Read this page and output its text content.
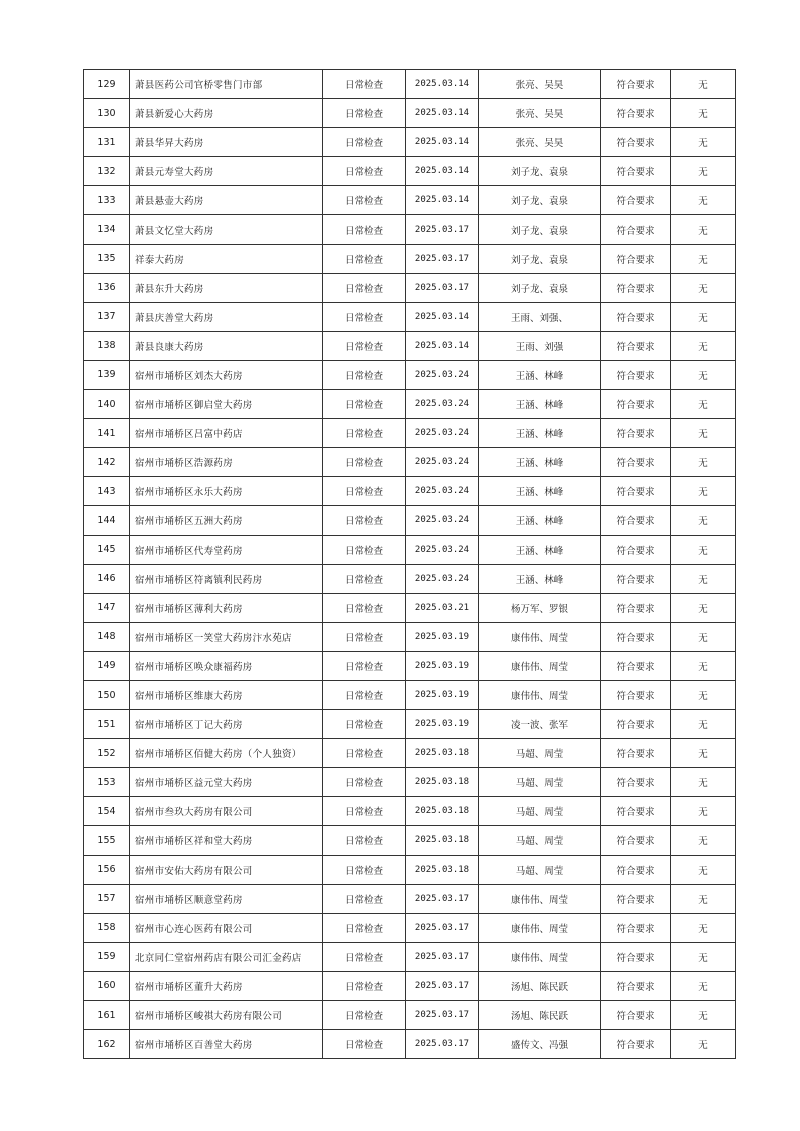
129	萧县医药公司官桥零售门市部	日常检查	2025.03.14	张亮、吴昊	符合要求	无
130	萧县新爱心大药房	日常检查	2025.03.14	张亮、吴昊	符合要求	无
131	萧县华昇大药房	日常检查	2025.03.14	张亮、吴昊	符合要求	无
132	萧县元寿堂大药房	日常检查	2025.03.14	刘子龙、袁泉	符合要求	无
133	萧县悬壶大药房	日常检查	2025.03.14	刘子龙、袁泉	符合要求	无
134	萧县文忆堂大药房	日常检查	2025.03.17	刘子龙、袁泉	符合要求	无
135	祥泰大药房	日常检查	2025.03.17	刘子龙、袁泉	符合要求	无
136	萧县东升大药房	日常检查	2025.03.17	刘子龙、袁泉	符合要求	无
137	萧县庆善堂大药房	日常检查	2025.03.14	王雨、刘强、	符合要求	无
138	萧县良康大药房	日常检查	2025.03.14	王雨、刘强	符合要求	无
139	宿州市埇桥区刘杰大药房	日常检查	2025.03.24	王涵、林峰	符合要求	无
140	宿州市埇桥区御启堂大药房	日常检查	2025.03.24	王涵、林峰	符合要求	无
141	宿州市埇桥区吕富中药店	日常检查	2025.03.24	王涵、林峰	符合要求	无
142	宿州市埇桥区浩源药房	日常检查	2025.03.24	王涵、林峰	符合要求	无
143	宿州市埇桥区永乐大药房	日常检查	2025.03.24	王涵、林峰	符合要求	无
144	宿州市埇桥区五洲大药房	日常检查	2025.03.24	王涵、林峰	符合要求	无
145	宿州市埇桥区代寿堂药房	日常检查	2025.03.24	王涵、林峰	符合要求	无
146	宿州市埇桥区符离镇利民药房	日常检查	2025.03.24	王涵、林峰	符合要求	无
147	宿州市埇桥区薄利大药房	日常检查	2025.03.21	杨万军、罗银	符合要求	无
148	宿州市埇桥区一笑堂大药房汴水苑店	日常检查	2025.03.19	康伟伟、周莹	符合要求	无
149	宿州市埇桥区唤众康福药房	日常检查	2025.03.19	康伟伟、周莹	符合要求	无
150	宿州市埇桥区维康大药房	日常检查	2025.03.19	康伟伟、周莹	符合要求	无
151	宿州市埇桥区丁记大药房	日常检查	2025.03.19	凌一波、张军	符合要求	无
152	宿州市埇桥区佰健大药房（个人独资）	日常检查	2025.03.18	马超、周莹	符合要求	无
153	宿州市埇桥区益元堂大药房	日常检查	2025.03.18	马超、周莹	符合要求	无
154	宿州市叁玖大药房有限公司	日常检查	2025.03.18	马超、周莹	符合要求	无
155	宿州市埇桥区祥和堂大药房	日常检查	2025.03.18	马超、周莹	符合要求	无
156	宿州市安佑大药房有限公司	日常检查	2025.03.18	马超、周莹	符合要求	无
157	宿州市埇桥区顺意堂药房	日常检查	2025.03.17	康伟伟、周莹	符合要求	无
158	宿州市心连心医药有限公司	日常检查	2025.03.17	康伟伟、周莹	符合要求	无
159	北京同仁堂宿州药店有限公司汇金药店	日常检查	2025.03.17	康伟伟、周莹	符合要求	无
160	宿州市埇桥区董升大药房	日常检查	2025.03.17	汤旭、陈民跃	符合要求	无
161	宿州市埇桥区峻祺大药房有限公司	日常检查	2025.03.17	汤旭、陈民跃	符合要求	无
162	宿州市埇桥区百善堂大药房	日常检查	2025.03.17	盛传文、冯强	符合要求	无
